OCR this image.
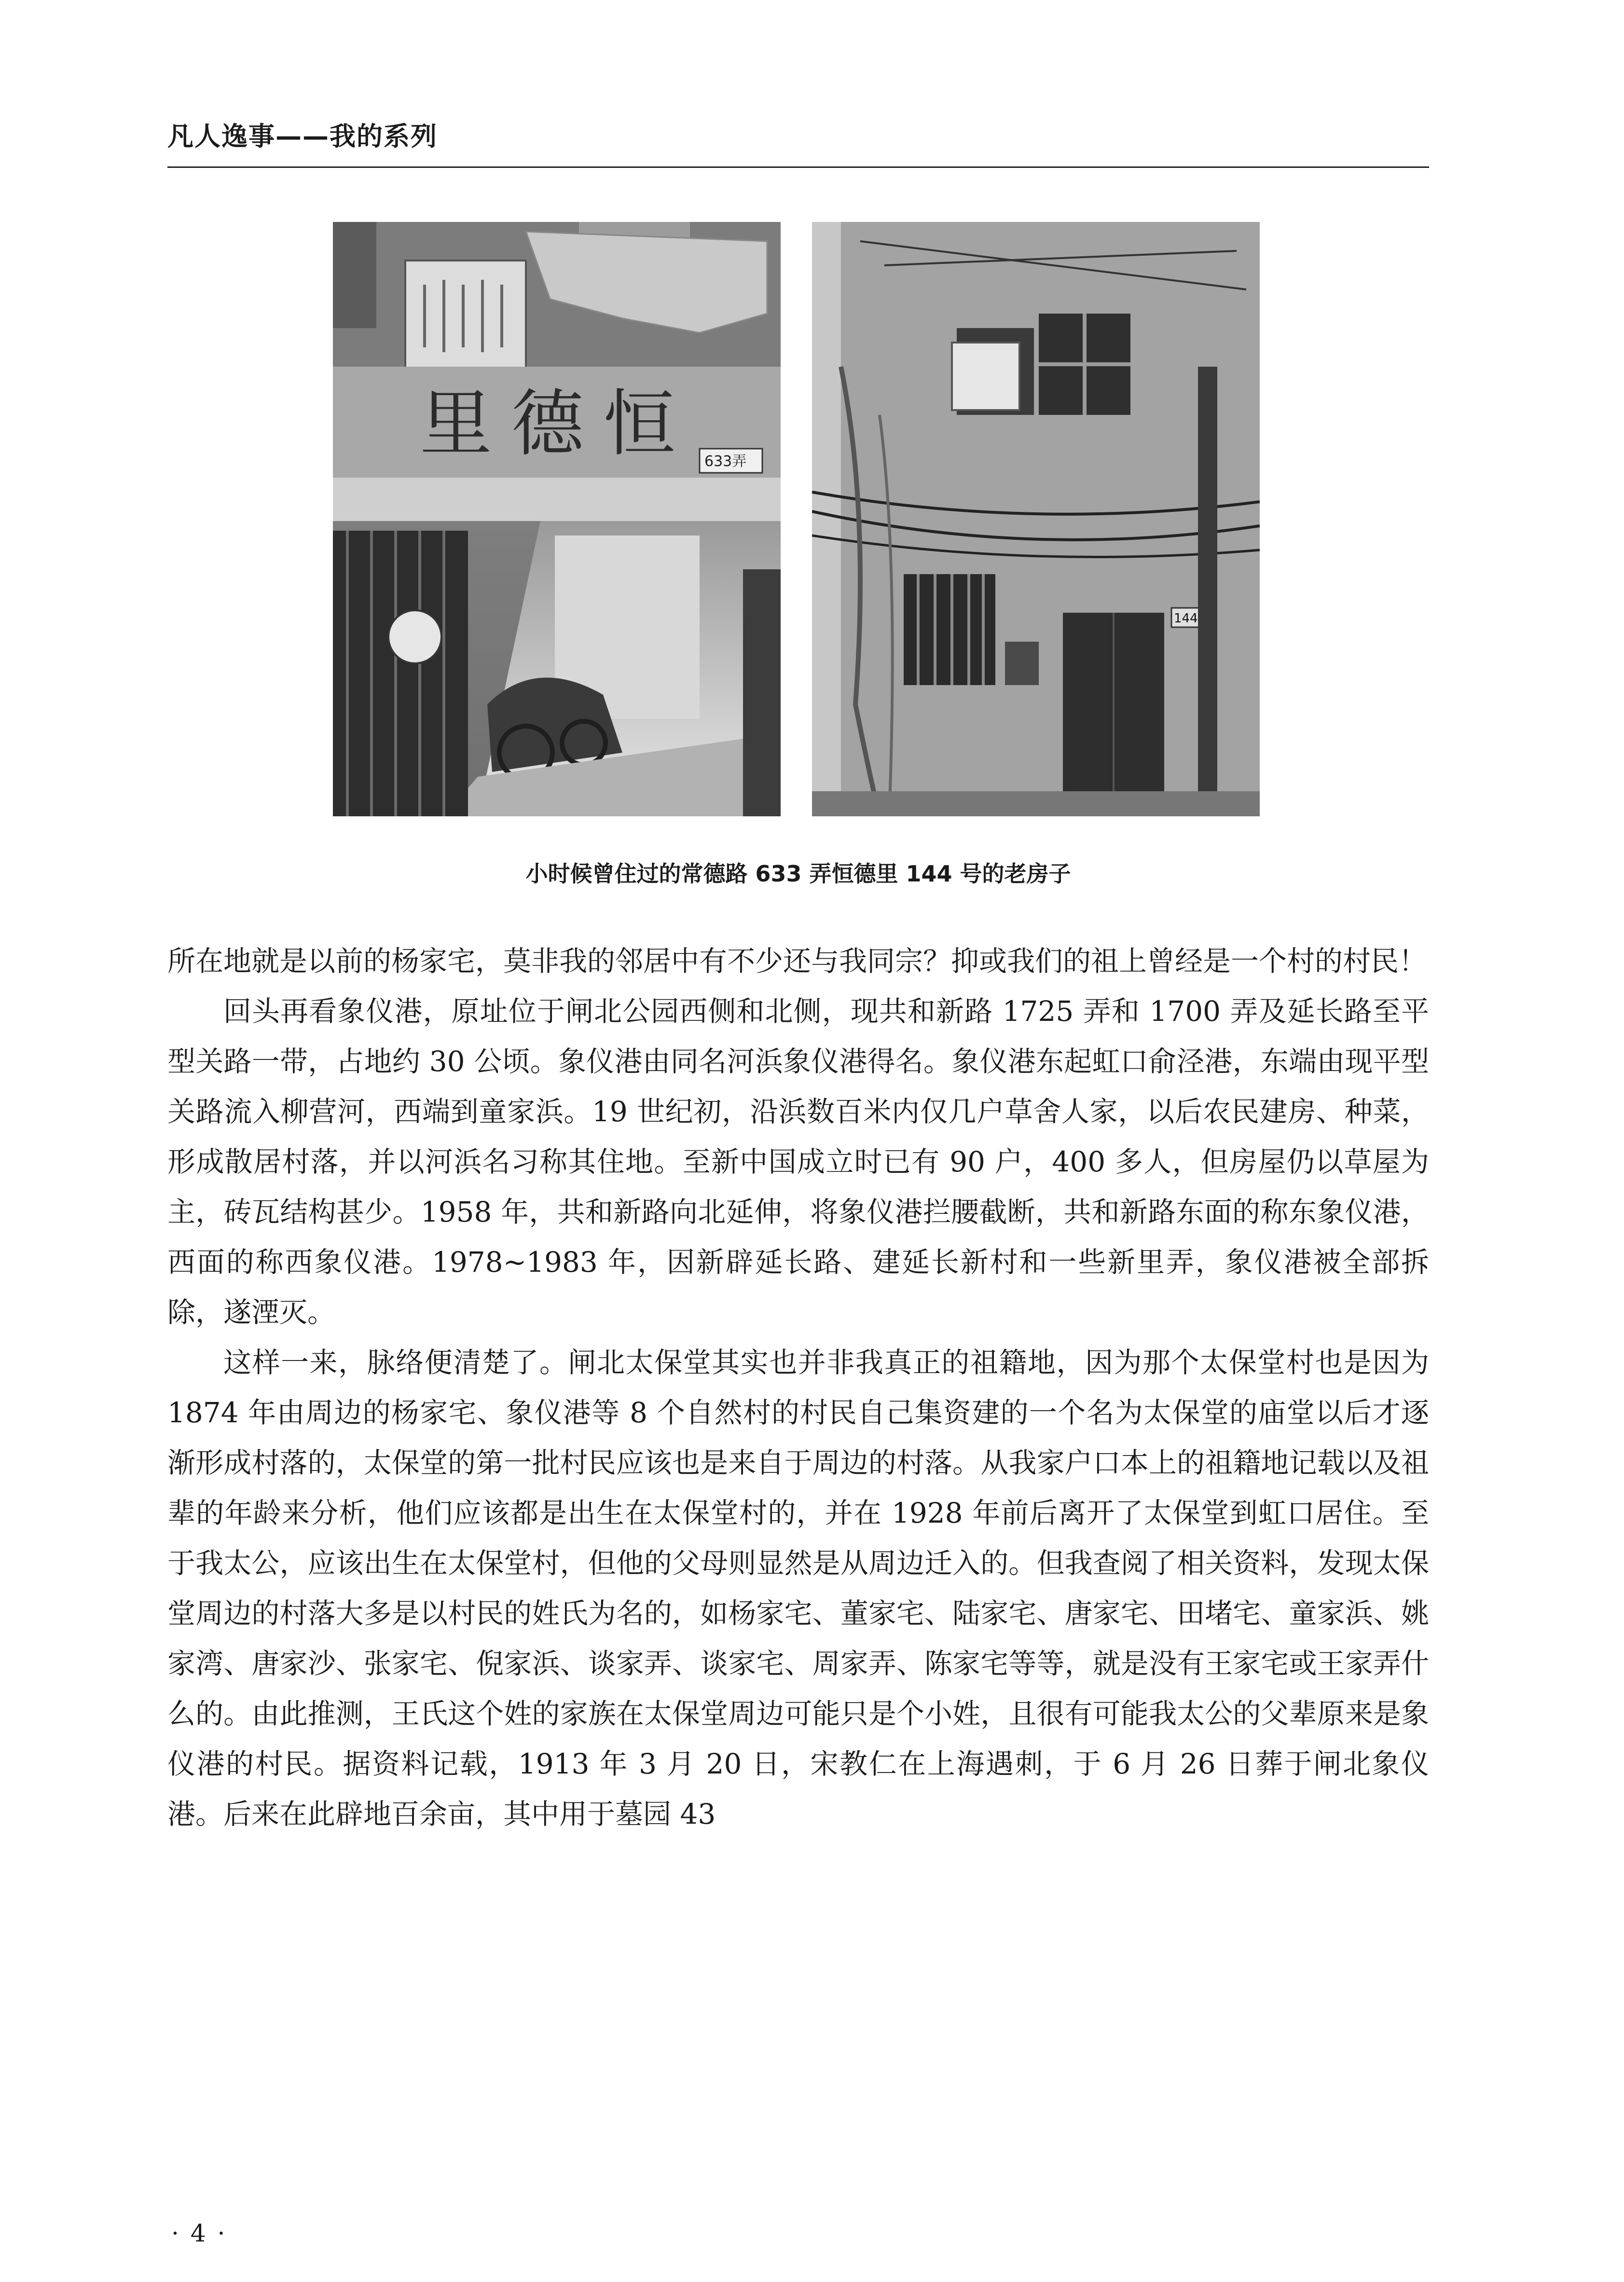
凡人逸事——我的系列
里德恒 633弄
144
小时候曾住过的常德路 633 弄恒德里 144 号的老房子

所在地就是以前的杨家宅，莫非我的邻居中有不少还与我同宗？抑或我们的祖上曾经是一个村的村民！

回头再看象仪港，原址位于闸北公园西侧和北侧，现共和新路 1725 弄和 1700 弄及延长路至平型关路一带，占地约 30 公顷。象仪港由同名河浜象仪港得名。象仪港东起虹口俞泾港，东端由现平型关路流入柳营河，西端到童家浜。19 世纪初，沿浜数百米内仅几户草舍人家，以后农民建房、种菜，形成散居村落，并以河浜名习称其住地。至新中国成立时已有 90 户，400 多人，但房屋仍以草屋为主，砖瓦结构甚少。1958 年，共和新路向北延伸，将象仪港拦腰截断，共和新路东面的称东象仪港，西面的称西象仪港。1978~1983 年，因新辟延长路、建延长新村和一些新里弄，象仪港被全部拆除，遂湮灭。

这样一来，脉络便清楚了。闸北太保堂其实也并非我真正的祖籍地，因为那个太保堂村也是因为 1874 年由周边的杨家宅、象仪港等 8 个自然村的村民自己集资建的一个名为太保堂的庙堂以后才逐渐形成村落的，太保堂的第一批村民应该也是来自于周边的村落。从我家户口本上的祖籍地记载以及祖辈的年龄来分析，他们应该都是出生在太保堂村的，并在 1928 年前后离开了太保堂到虹口居住。至于我太公，应该出生在太保堂村，但他的父母则显然是从周边迁入的。但我查阅了相关资料，发现太保堂周边的村落大多是以村民的姓氏为名的，如杨家宅、董家宅、陆家宅、唐家宅、田堵宅、童家浜、姚家湾、唐家沙、张家宅、倪家浜、谈家弄、谈家宅、周家弄、陈家宅等等，就是没有王家宅或王家弄什么的。由此推测，王氏这个姓的家族在太保堂周边可能只是个小姓，且很有可能我太公的父辈原来是象仪港的村民。据资料记载，1913 年 3 月 20 日，宋教仁在上海遇刺，于 6 月 26 日葬于闸北象仪港。后来在此辟地百余亩，其中用于墓园 43

· 4 ·
